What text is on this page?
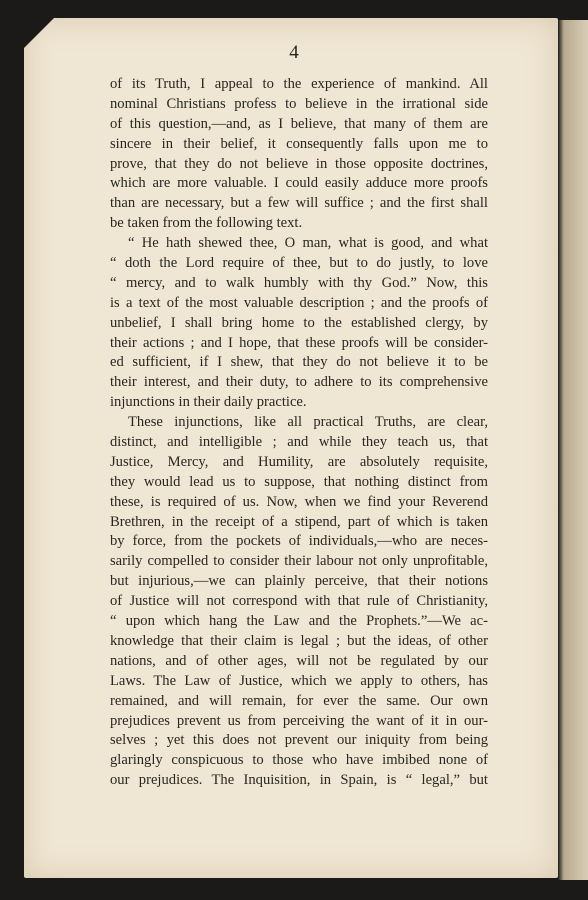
4
of its Truth, I appeal to the experience of mankind. All
nominal Christians profess to believe in the irrational side
of this question,—and, as I believe, that many of them are
sincere in their belief, it consequently falls upon me to
prove, that they do not believe in those opposite doctrines,
which are more valuable. I could easily adduce more proofs
than are necessary, but a few will suffice ; and the first shall
be taken from the following text.
“ He hath shewed thee, O man, what is good, and what
“ doth the Lord require of thee, but to do justly, to love
“ mercy, and to walk humbly with thy God.” Now, this
is a text of the most valuable description ; and the proofs of
unbelief, I shall bring home to the established clergy, by
their actions ; and I hope, that these proofs will be consider-
ed sufficient, if I shew, that they do not believe it to be
their interest, and their duty, to adhere to its comprehensive
injunctions in their daily practice.
These injunctions, like all practical Truths, are clear,
distinct, and intelligible ; and while they teach us, that
Justice, Mercy, and Humility, are absolutely requisite,
they would lead us to suppose, that nothing distinct from
these, is required of us. Now, when we find your Reverend
Brethren, in the receipt of a stipend, part of which is taken
by force, from the pockets of individuals,—who are neces-
sarily compelled to consider their labour not only unprofitable,
but injurious,—we can plainly perceive, that their notions
of Justice will not correspond with that rule of Christianity,
“ upon which hang the Law and the Prophets.”—We ac-
knowledge that their claim is legal ; but the ideas, of other
nations, and of other ages, will not be regulated by our
Laws. The Law of Justice, which we apply to others, has
remained, and will remain, for ever the same. Our own
prejudices prevent us from perceiving the want of it in our-
selves ; yet this does not prevent our iniquity from being
glaringly conspicuous to those who have imbibed none of
our prejudices. The Inquisition, in Spain, is “ legal,” but
